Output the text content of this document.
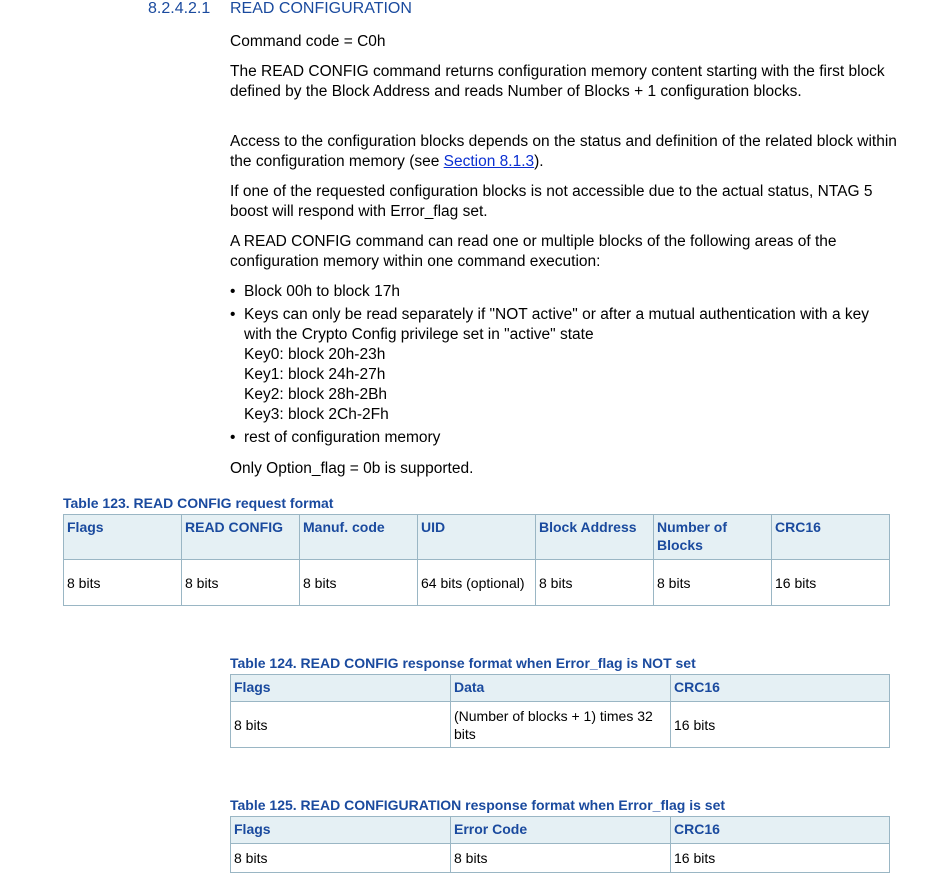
8.2.4.2.1 READ CONFIGURATION
Command code = C0h
The READ CONFIG command returns configuration memory content starting with the first block defined by the Block Address and reads Number of Blocks + 1 configuration blocks.
Access to the configuration blocks depends on the status and definition of the related block within the configuration memory (see Section 8.1.3).
If one of the requested configuration blocks is not accessible due to the actual status, NTAG 5 boost will respond with Error_flag set.
A READ CONFIG command can read one or multiple blocks of the following areas of the configuration memory within one command execution:
• Block 00h to block 17h
• Keys can only be read separately if "NOT active" or after a mutual authentication with a key with the Crypto Config privilege set in "active" state
Key0: block 20h-23h
Key1: block 24h-27h
Key2: block 28h-2Bh
Key3: block 2Ch-2Fh
• rest of configuration memory
Only Option_flag = 0b is supported.
Table 123. READ CONFIG request format
Flags	READ CONFIG	Manuf. code	UID	Block Address	Number of Blocks	CRC16
8 bits	8 bits	8 bits	64 bits (optional)	8 bits	8 bits	16 bits
Table 124. READ CONFIG response format when Error_flag is NOT set
Flags	Data	CRC16
8 bits	(Number of blocks + 1) times 32 bits	16 bits
Table 125. READ CONFIGURATION response format when Error_flag is set
Flags	Error Code	CRC16
8 bits	8 bits	16 bits
